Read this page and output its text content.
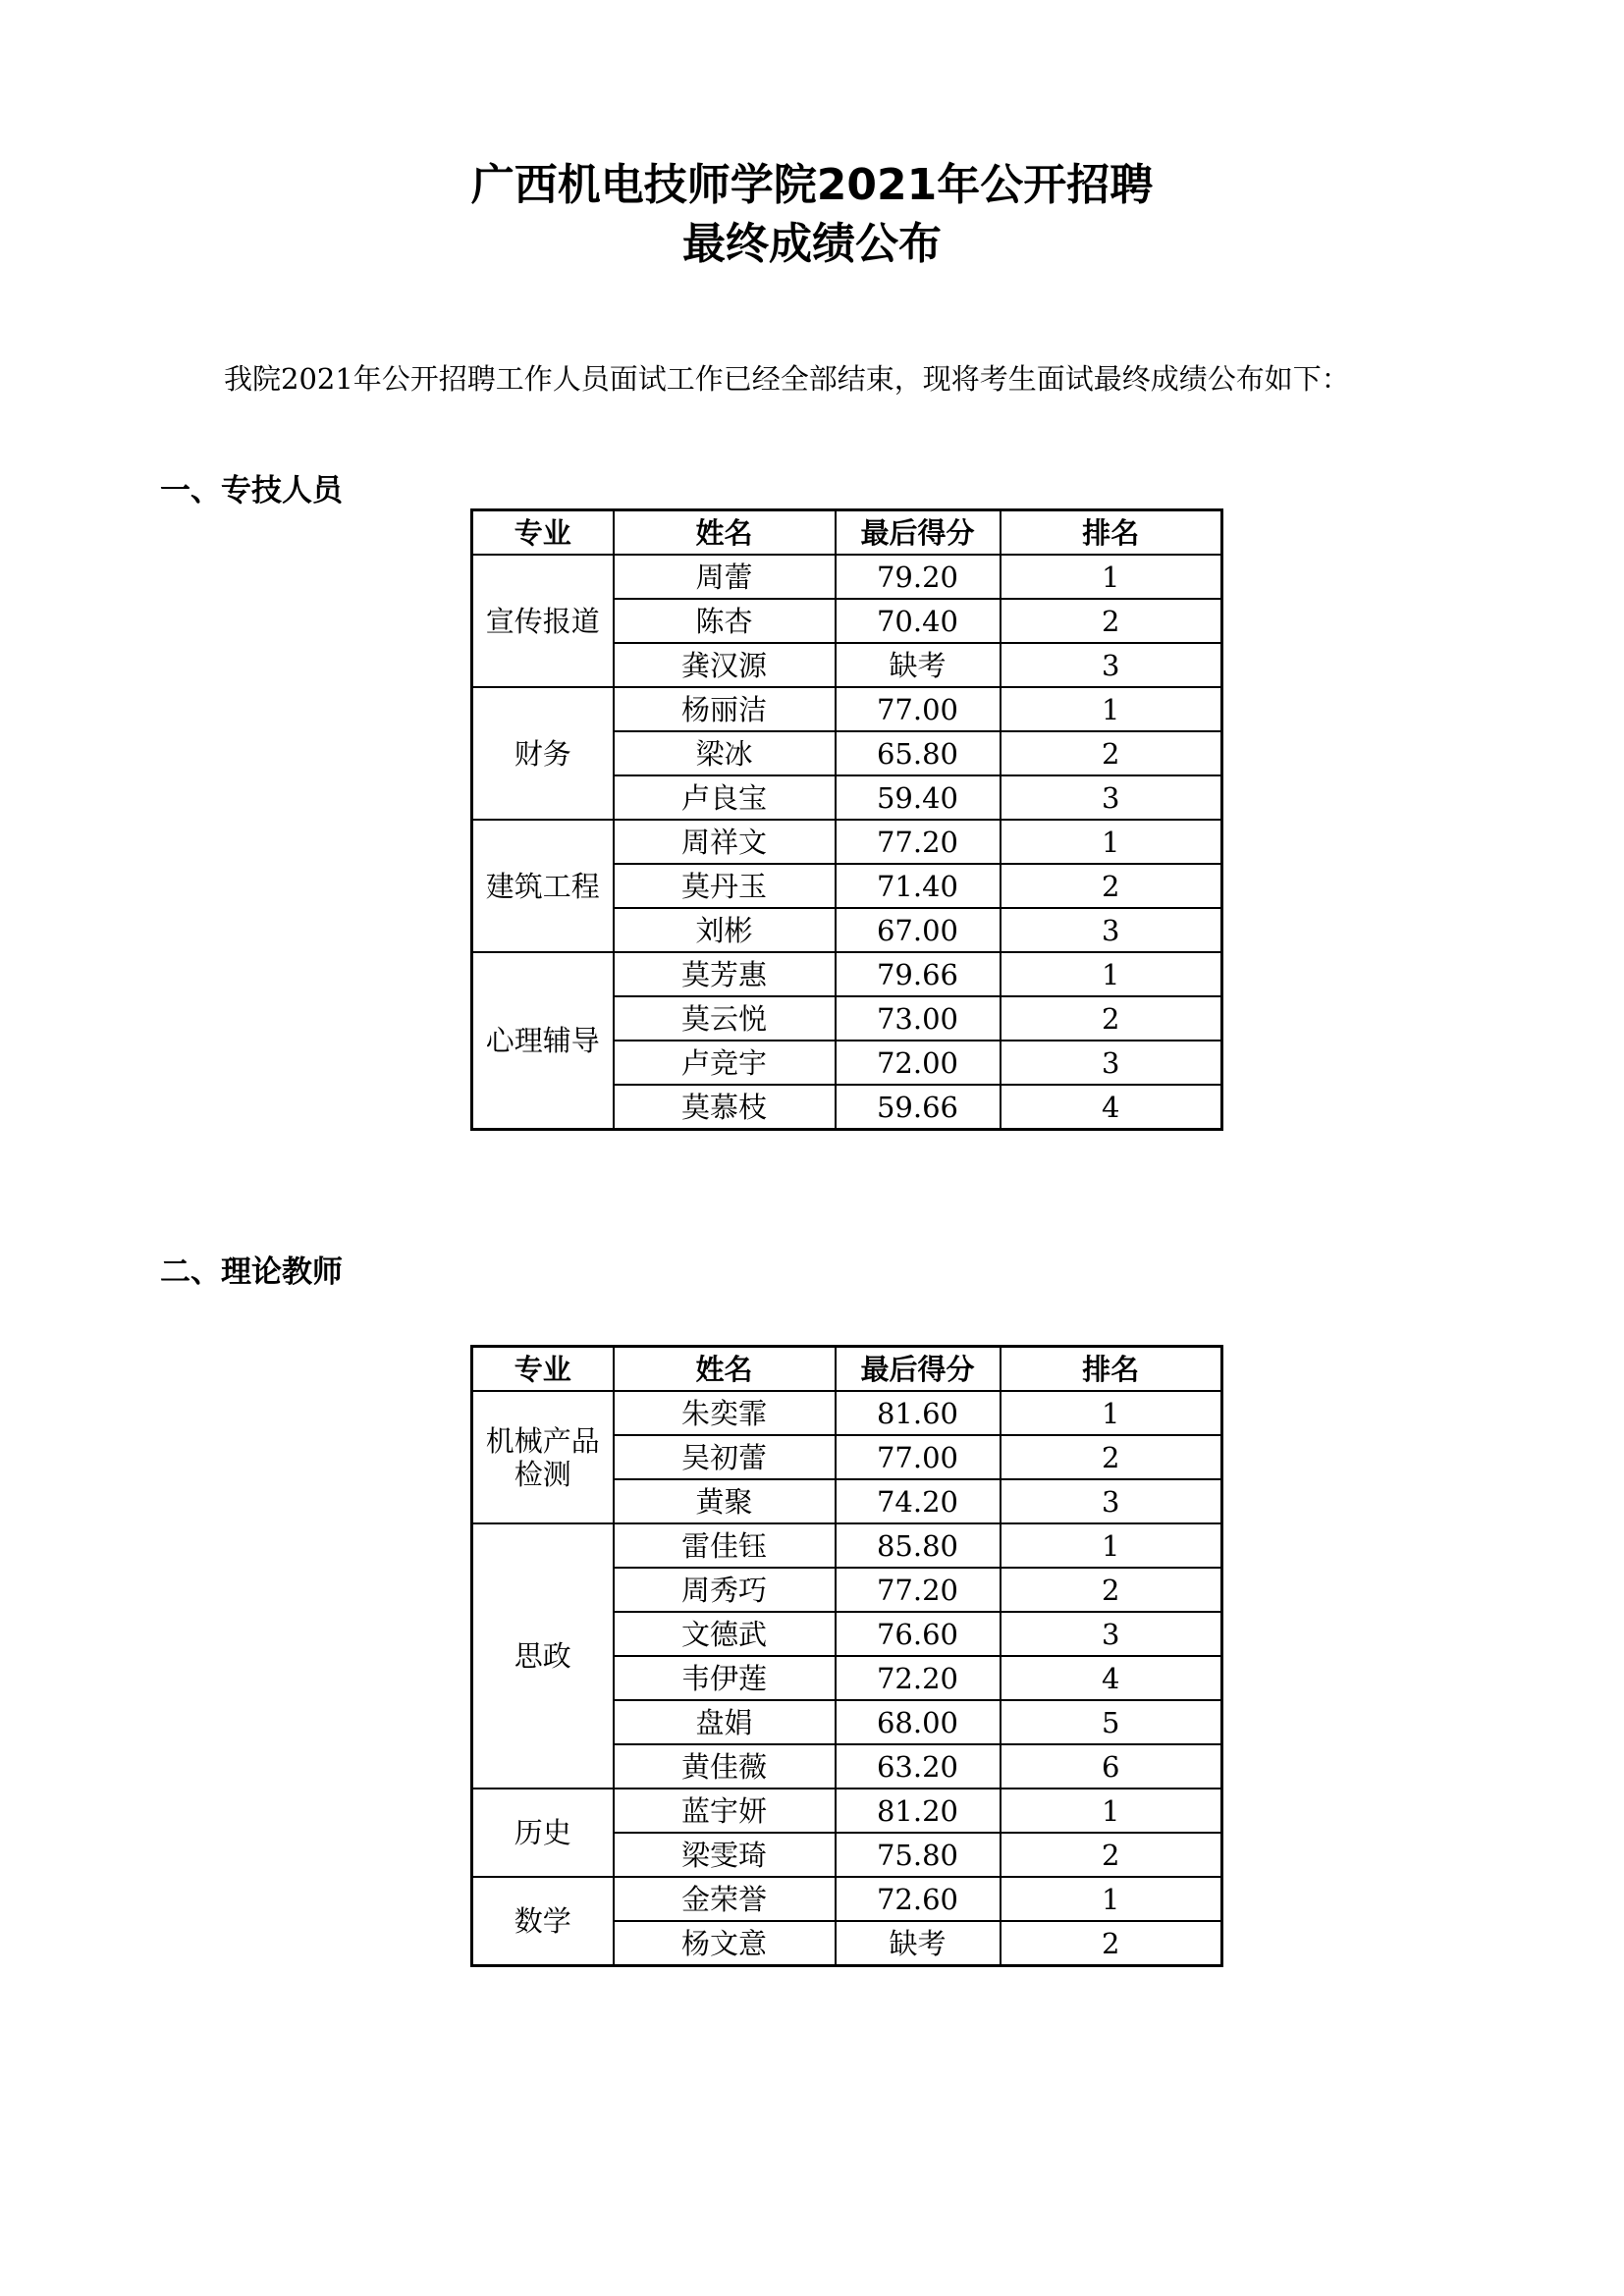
广西机电技师学院2021年公开招聘
最终成绩公布
我院2021年公开招聘工作人员面试工作已经全部结束，现将考生面试最终成绩公布如下：
一、专技人员
专业	姓名	最后得分	排名
宣传报道	周蕾	79.20	1
	陈杏	70.40	2
	龚汉源	缺考	3
财务	杨丽洁	77.00	1
	梁冰	65.80	2
	卢良宝	59.40	3
建筑工程	周祥文	77.20	1
	莫丹玉	71.40	2
	刘彬	67.00	3
心理辅导	莫芳惠	79.66	1
	莫云悦	73.00	2
	卢竞宇	72.00	3
	莫慕枝	59.66	4
二、理论教师
专业	姓名	最后得分	排名
机械产品检测	朱奕霏	81.60	1
	吴初蕾	77.00	2
	黄聚	74.20	3
思政	雷佳钰	85.80	1
	周秀巧	77.20	2
	文德武	76.60	3
	韦伊莲	72.20	4
	盘娟	68.00	5
	黄佳薇	63.20	6
历史	蓝宇妍	81.20	1
	梁雯琦	75.80	2
数学	金荣誉	72.60	1
	杨文意	缺考	2
